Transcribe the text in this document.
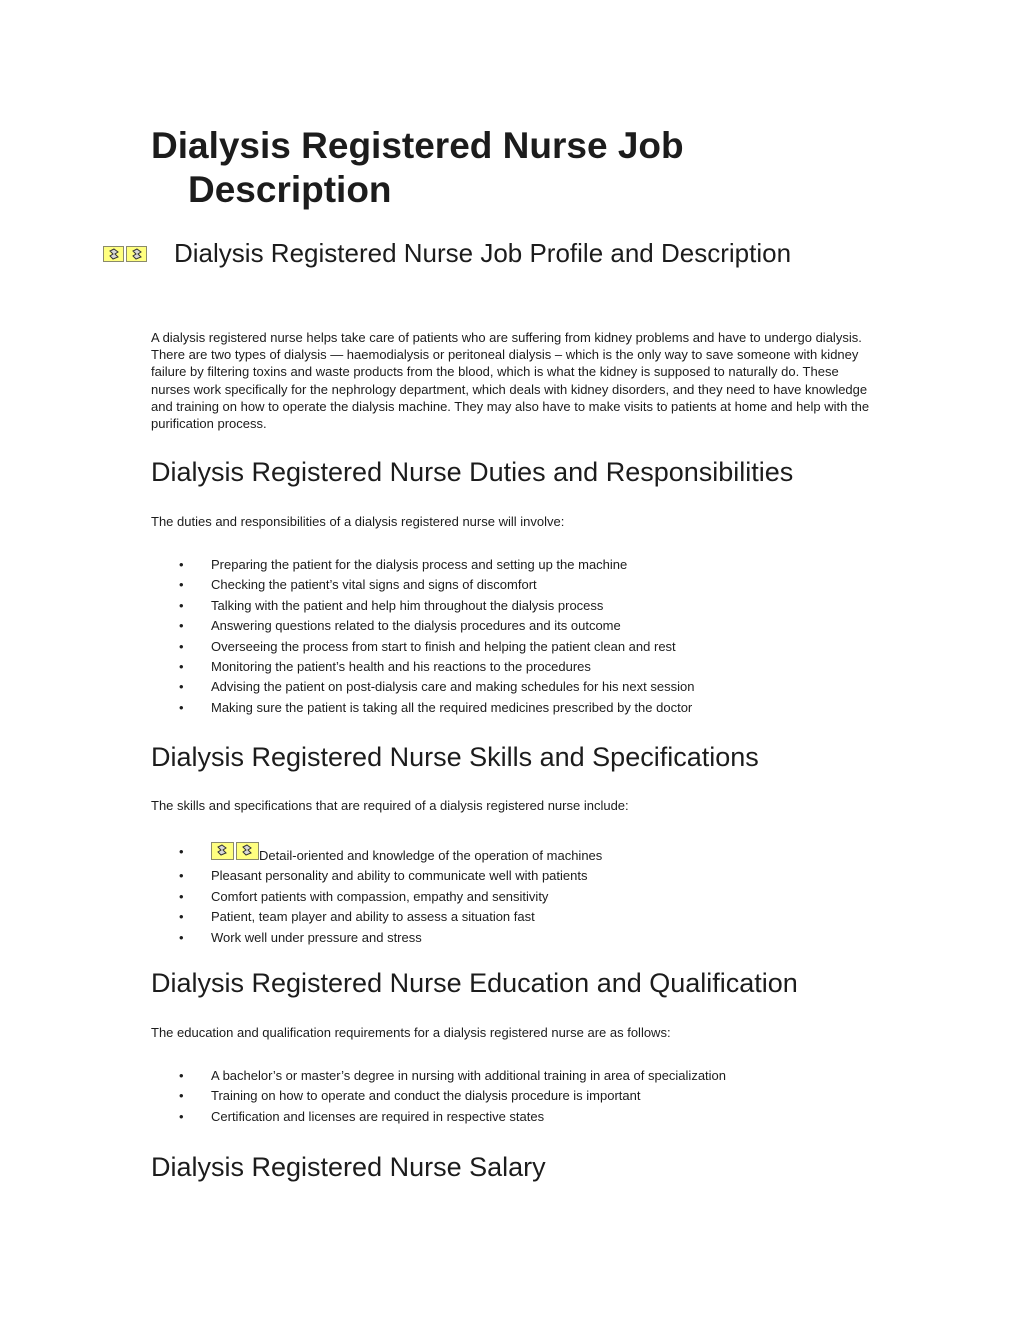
Dialysis Registered Nurse Job Description
Dialysis Registered Nurse Job Profile and Description

A dialysis registered nurse helps take care of patients who are suffering from kidney problems and have to undergo dialysis. There are two types of dialysis — haemodialysis or peritoneal dialysis – which is the only way to save someone with kidney failure by filtering toxins and waste products from the blood, which is what the kidney is supposed to naturally do. These nurses work specifically for the nephrology department, which deals with kidney disorders, and they need to have knowledge and training on how to operate the dialysis machine. They may also have to make visits to patients at home and help with the purification process.

Dialysis Registered Nurse Duties and Responsibilities

The duties and responsibilities of a dialysis registered nurse will involve:

• Preparing the patient for the dialysis process and setting up the machine
• Checking the patient’s vital signs and signs of discomfort
• Talking with the patient and help him throughout the dialysis process
• Answering questions related to the dialysis procedures and its outcome
• Overseeing the process from start to finish and helping the patient clean and rest
• Monitoring the patient’s health and his reactions to the procedures
• Advising the patient on post-dialysis care and making schedules for his next session
• Making sure the patient is taking all the required medicines prescribed by the doctor
Dialysis Registered Nurse Skills and Specifications

The skills and specifications that are required of a dialysis registered nurse include:

•	Detail-oriented and knowledge of the operation of machines
• Pleasant personality and ability to communicate well with patients
• Comfort patients with compassion, empathy and sensitivity
• Patient, team player and ability to assess a situation fast
• Work well under pressure and stress
Dialysis Registered Nurse Education and Qualification

The education and qualification requirements for a dialysis registered nurse are as follows:

• A bachelor’s or master’s degree in nursing with additional training in area of specialization
• Training on how to operate and conduct the dialysis procedure is important
• Certification and licenses are required in respective states
Dialysis Registered Nurse Salary
